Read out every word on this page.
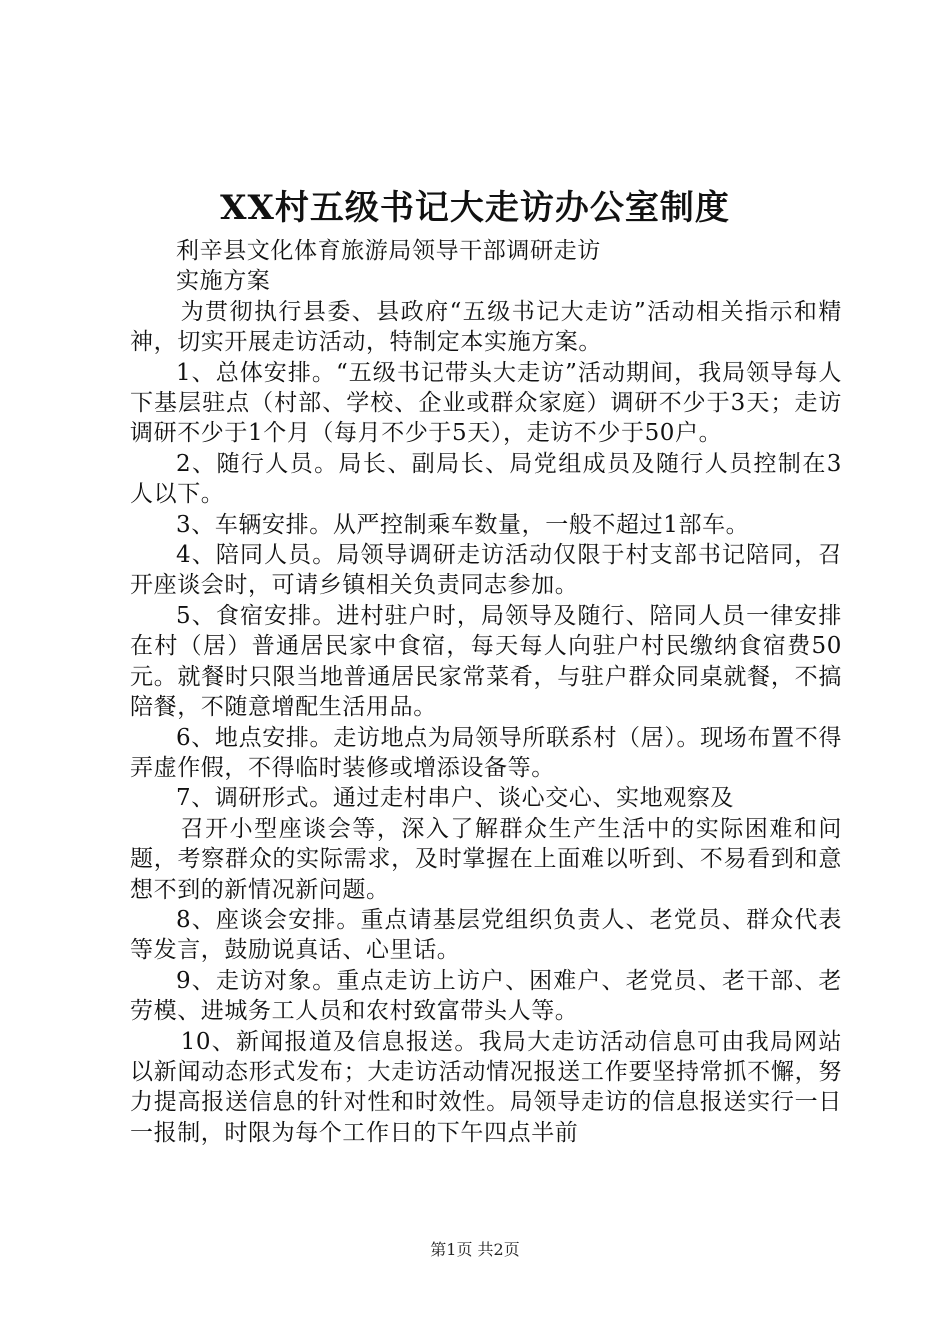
XX村五级书记大走访办公室制度

利辛县文化体育旅游局领导干部调研走访

实施方案

为贯彻执行县委、县政府“五级书记大走访”活动相关指示和精神，切实开展走访活动，特制定本实施方案。

1、总体安排。“五级书记带头大走访”活动期间，我局领导每人下基层驻点（村部、学校、企业或群众家庭）调研不少于3天；走访调研不少于1个月（每月不少于5天），走访不少于50户。

2、随行人员。局长、副局长、局党组成员及随行人员控制在3人以下。

3、车辆安排。从严控制乘车数量，一般不超过1部车。

4、陪同人员。局领导调研走访活动仅限于村支部书记陪同，召开座谈会时，可请乡镇相关负责同志参加。

5、食宿安排。进村驻户时，局领导及随行、陪同人员一律安排在村（居）普通居民家中食宿，每天每人向驻户村民缴纳食宿费50元。就餐时只限当地普通居民家常菜肴，与驻户群众同桌就餐，不搞陪餐，不随意增配生活用品。

6、地点安排。走访地点为局领导所联系村（居）。现场布置不得弄虚作假，不得临时装修或增添设备等。

7、调研形式。通过走村串户、谈心交心、实地观察及

召开小型座谈会等，深入了解群众生产生活中的实际困难和问题，考察群众的实际需求，及时掌握在上面难以听到、不易看到和意想不到的新情况新问题。

8、座谈会安排。重点请基层党组织负责人、老党员、群众代表等发言，鼓励说真话、心里话。

9、走访对象。重点走访上访户、困难户、老党员、老干部、老劳模、进城务工人员和农村致富带头人等。

10、新闻报道及信息报送。我局大走访活动信息可由我局网站以新闻动态形式发布；大走访活动情况报送工作要坚持常抓不懈，努力提高报送信息的针对性和时效性。局领导走访的信息报送实行一日一报制，时限为每个工作日的下午四点半前

第1页 共2页
